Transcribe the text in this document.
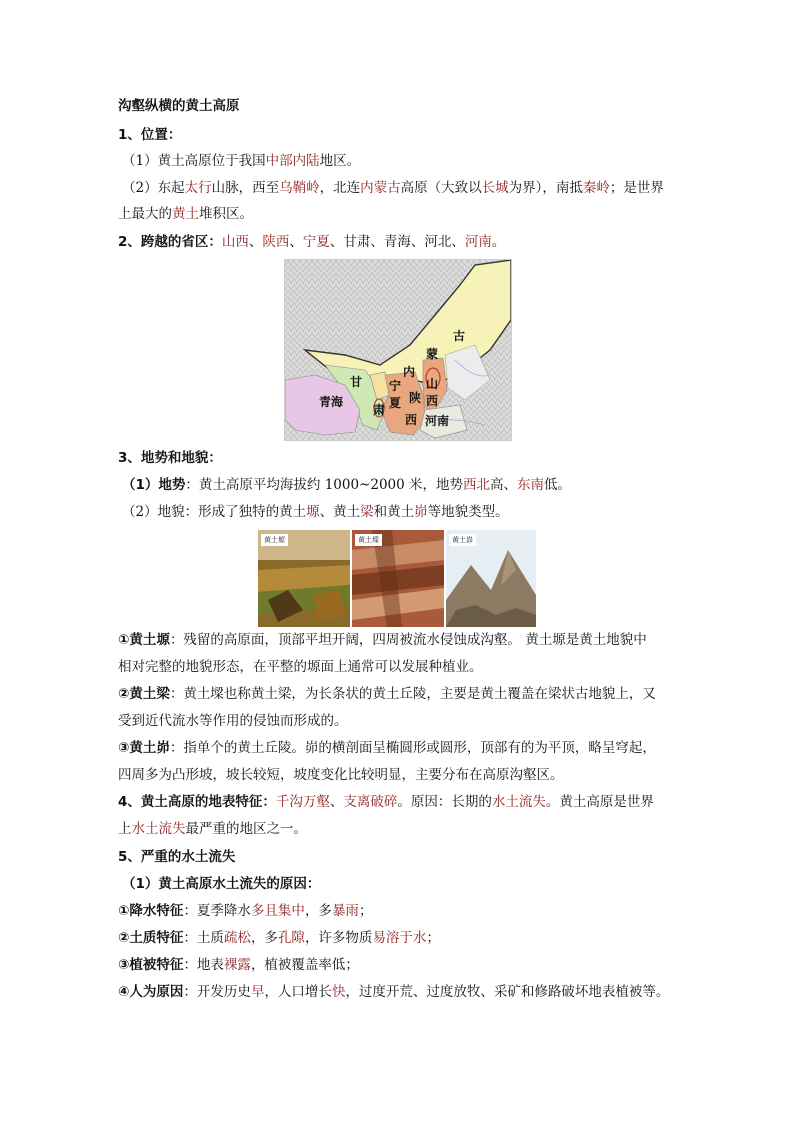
沟壑纵横的黄土高原
1、位置：
（1）黄土高原位于我国中部内陆地区。
（2）东起太行山脉，西至乌鞘岭，北连内蒙古高原（大致以长城为界），南抵秦岭；是世界
上最大的黄土堆积区。
2、跨越的省区：山西、陕西、宁夏、甘肃、青海、河北、河南。
古
蒙
内
山
西
甘 宁
夏 陕
西
青海
肃
河南
3、地势和地貌：
（1）地势：黄土高原平均海拔约 1000~2000 米，地势西北高、东南低。
（2）地貌：形成了独特的黄土塬、黄土梁和黄土峁等地貌类型。
黄土塬	黄土墚	黄土峁
①黄土塬：残留的高原面，顶部平坦开阔，四周被流水侵蚀成沟壑。 黄土塬是黄土地貌中
相对完整的地貌形态，在平整的塬面上通常可以发展种植业。
②黄土梁：黄土墚也称黄土梁，为长条状的黄土丘陵，主要是黄土覆盖在梁状古地貌上，又
受到近代流水等作用的侵蚀而形成的。
③黄土峁：指单个的黄土丘陵。峁的横剖面呈椭圆形或圆形，顶部有的为平顶，略呈穹起，
四周多为凸形坡，坡长较短，坡度变化比较明显，主要分布在高原沟壑区。
4、黄土高原的地表特征：千沟万壑、支离破碎。原因：长期的水土流失。黄土高原是世界
上水土流失最严重的地区之一。
5、严重的水土流失
（1）黄土高原水土流失的原因：
①降水特征：夏季降水多且集中，多暴雨；
②土质特征：土质疏松，多孔隙，许多物质易溶于水；
③植被特征：地表裸露，植被覆盖率低；
④人为原因：开发历史早，人口增长快，过度开荒、过度放牧、采矿和修路破坏地表植被等。
